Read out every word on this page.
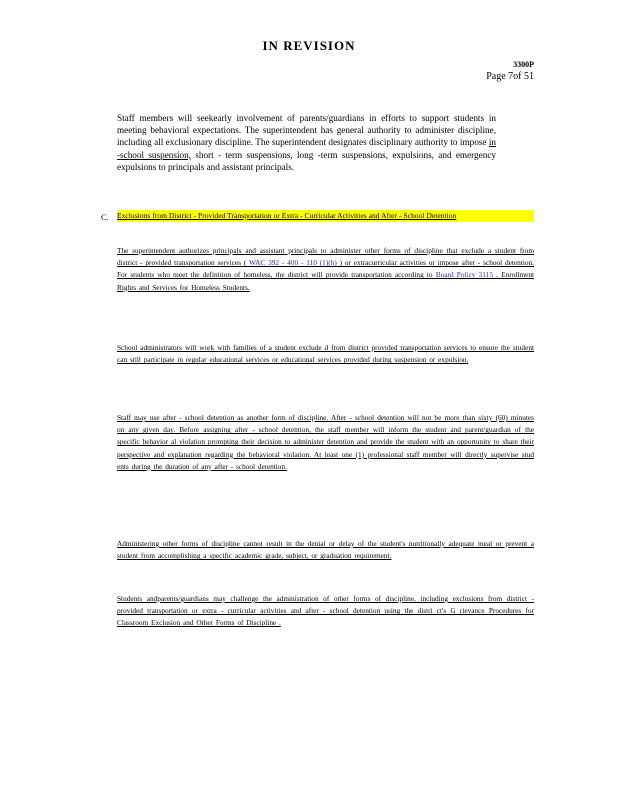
IN REVISION
3300P
Page 7of 51
Staff members will seekearly involvement of parents/guardians in efforts to support students in meeting behavioral expectations. The superintendent has general authority to administer discipline, including all exclusionary discipline. The superintendent designates disciplinary authority to impose in -school suspension, short - term suspensions, long -term suspensions, expulsions, and emergency expulsions to principals and assistant principals.
C. Exclusions from District - Provided Transportation or Extra - Curricular Activities and After - School Detention
The superintendent authorizes principals and assistant principals to administer other forms of discipline that exclude a student from district - provided transportation services ( WAC 392 - 400 - 110 (1)(h) ) or extracurricular activities or impose after - school detention. For students who meet the definition of homeless, the district will provide transportation according to Board Policy 3115 , Enrollment Rights and Services for Homeless Students.
School administrators will work with families of a student exclude d from district provided transportation services to ensure the student can still participate in regular educational services or educational services provided during suspension or expulsion.
Staff may use after - school detention as another form of discipline. After - school detention will not be more than sixty (60) minutes on any given day. Before assigning after - school detention, the staff member will inform the student and parent/guardian of the specific behavior al violation prompting their decision to administer detention and provide the student with an opportunity to share their perspective and explanation regarding the behavioral violation. At least one (1) professional staff member will directly supervise stud ents during the duration of any after - school detention.
Administering other forms of discipline cannot result in the denial or delay of the student's nutritionally adequate meal or prevent a student from accomplishing a specific academic grade, subject, or graduation requirement.
Students andparents/guardians may challenge the administration of other forms of discipline, including exclusions from district - provided transportation or extra - curricular activities and after - school detention using the distri ct's G rievance Procedures for Classroom Exclusion and Other Forms of Discipline .
